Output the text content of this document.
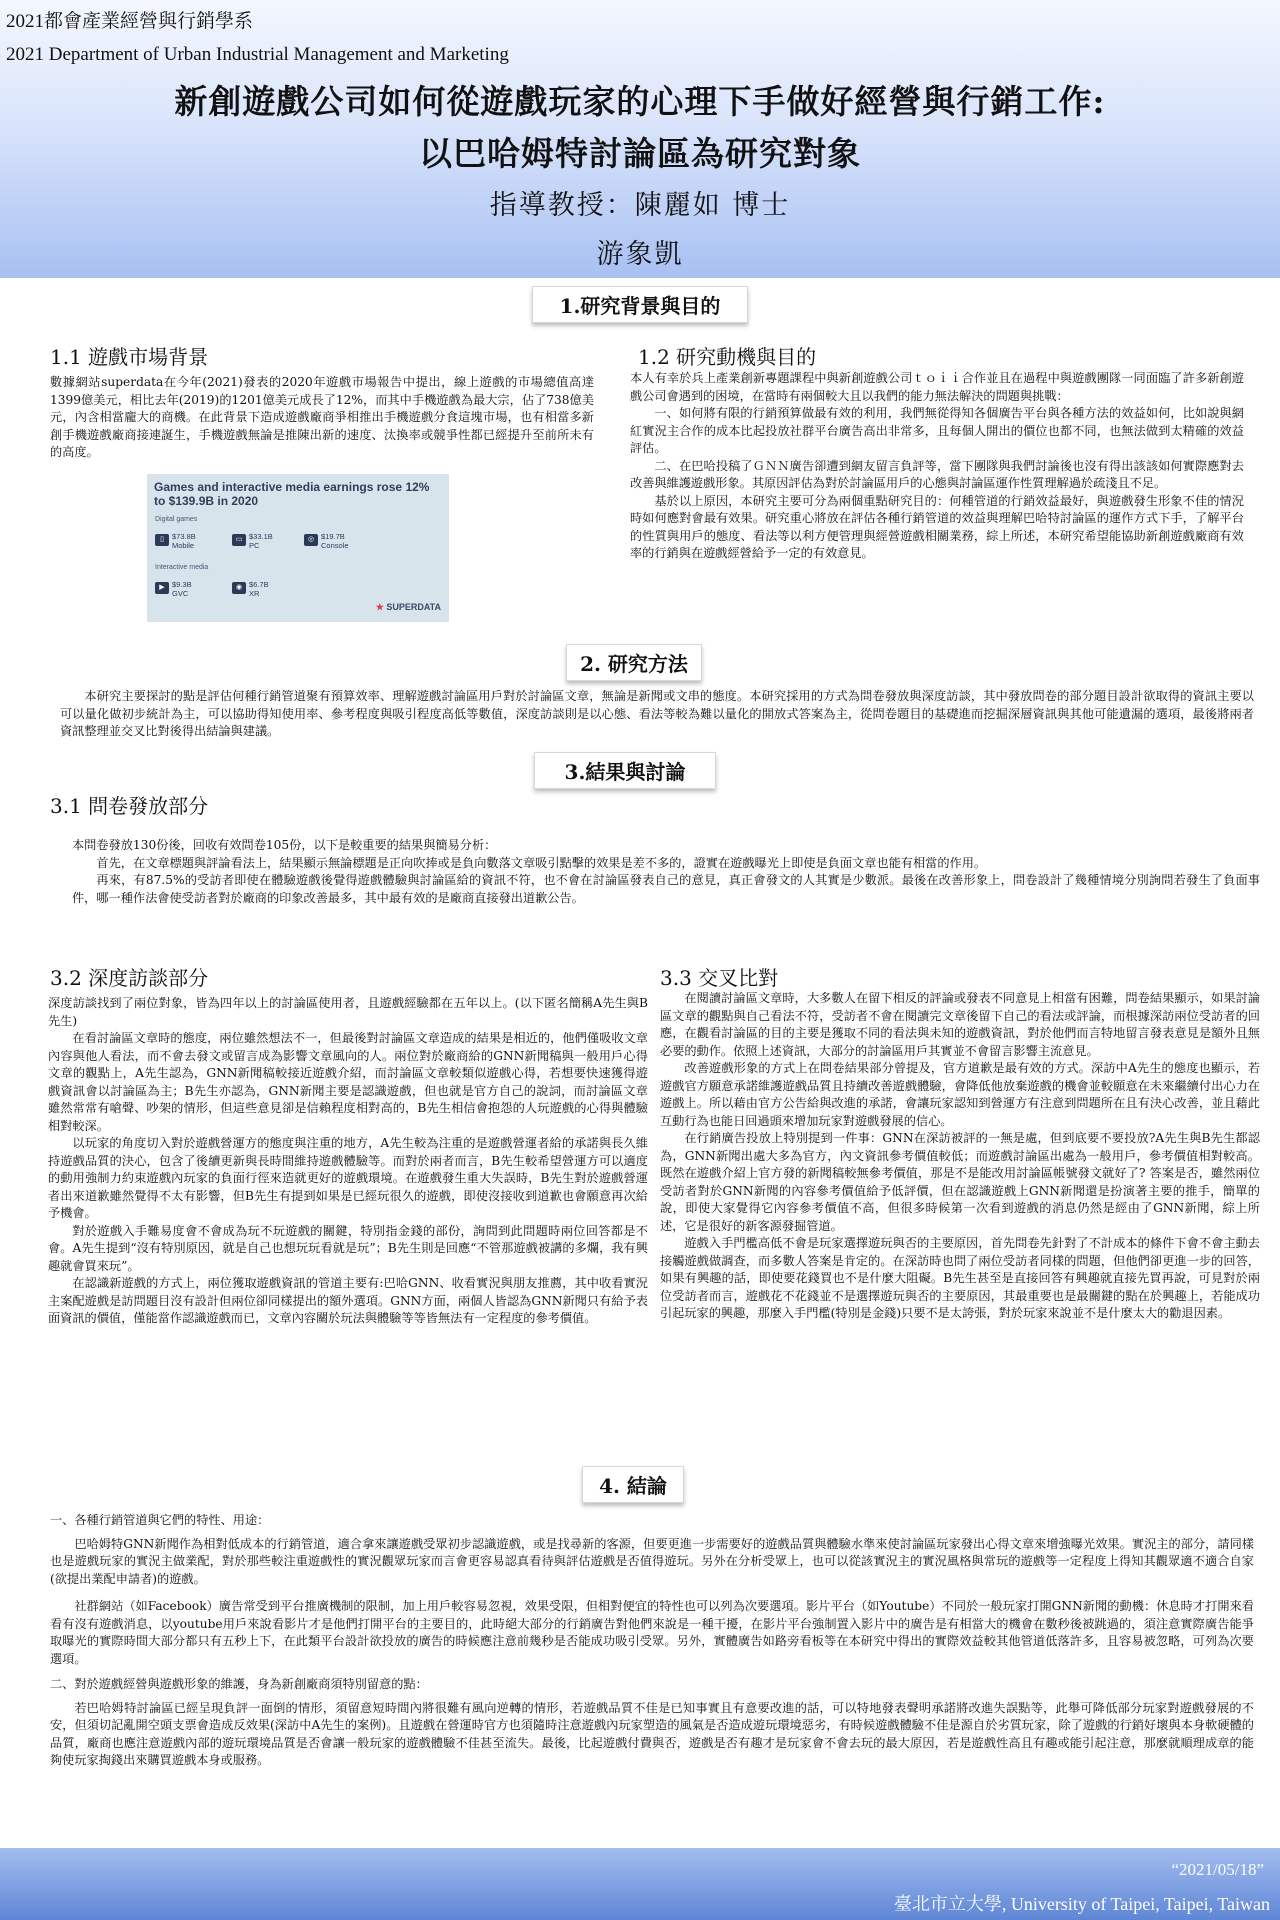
2021都會產業經營與行銷學系
2021 Department of Urban Industrial Management and Marketing
新創遊戲公司如何從遊戲玩家的心理下手做好經營與行銷工作:
以巴哈姆特討論區為研究對象
指導教授：陳麗如 博士
游象凱
1.研究背景與目的
1.1 遊戲市場背景

數據網站superdata在今年(2021)發表的2020年遊戲市場報告中提出，線上遊戲的市場總值高達1399億美元，相比去年(2019)的1201億美元成長了12%，而其中手機遊戲為最大宗，佔了738億美元，內含相當龐大的商機。在此背景下造成遊戲廠商爭相推出手機遊戲分食這塊市場，也有相當多新創手機遊戲廠商接連誕生，手機遊戲無論是推陳出新的速度、汰換率或競爭性都已經提升至前所未有的高度。

Games and interactive media earnings rose 12% to $139.9B in 2020
Digital games
Interactive media
▯	$73.8B
Mobile
▭ $33.1B
PC
◎ $19.7B
Console
▶ $9.3B
GVC
◉ $6.7B
XR
★ SUPERDATA
1.2 研究動機與目的

本人有幸於兵上產業創新專題課程中與新創遊戲公司ｔｏｉｉ合作並且在過程中與遊戲團隊一同面臨了許多新創遊戲公司會遇到的困境，在當時有兩個較大且以我們的能力無法解決的問題與挑戰：

一、如何將有限的行銷預算做最有效的利用，我們無從得知各個廣告平台與各種方法的效益如何，比如說與網紅實況主合作的成本比起投放社群平台廣告高出非常多，且每個人開出的價位也都不同，也無法做到太精確的效益評估。

二、在巴哈投稿了ＧＮＮ廣告卻遭到網友留言負評等，當下團隊與我們討論後也沒有得出該該如何實際應對去改善與維護遊戲形象。其原因評估為對於討論區用戶的心態與討論區運作性質理解過於疏淺且不足。

基於以上原因，本研究主要可分為兩個重點研究目的：何種管道的行銷效益最好，與遊戲發生形象不佳的情況時如何應對會最有效果。研究重心將放在評估各種行銷管道的效益與理解巴哈特討論區的運作方式下手，了解平台的性質與用戶的態度、看法等以利方便管理與經營遊戲相關業務，綜上所述，本研究希望能協助新創遊戲廠商有效率的行銷與在遊戲經營給予一定的有效意見。

2. 研究方法

本研究主要探討的點是評估何種行銷管道聚有預算效率、理解遊戲討論區用戶對於討論區文章，無論是新聞或文串的態度。本研究採用的方式為問卷發放與深度訪談，其中發放問卷的部分題目設計欲取得的資訊主要以可以量化做初步統計為主，可以協助得知使用率、參考程度與吸引程度高低等數值，深度訪談則是以心態、看法等較為難以量化的開放式答案為主，從問卷題目的基礎進而挖掘深層資訊與其他可能遺漏的選項，最後將兩者資訊整理並交叉比對後得出結論與建議。

3.結果與討論
3.1 問卷發放部分

本問卷發放130份後，回收有效問卷105份，以下是較重要的結果與簡易分析：

首先，在文章標題與評論看法上，結果顯示無論標題是正向吹捧或是負向數落文章吸引點擊的效果是差不多的，證實在遊戲曝光上即使是負面文章也能有相當的作用。

再來，有87.5%的受訪者即使在體驗遊戲後覺得遊戲體驗與討論區給的資訊不符，也不會在討論區發表自己的意見，真正會發文的人其實是少數派。最後在改善形象上，問卷設計了幾種情境分別詢問若發生了負面事件，哪一種作法會使受訪者對於廠商的印象改善最多，其中最有效的是廠商直接發出道歉公告。

3.2 深度訪談部分

深度訪談找到了兩位對象，皆為四年以上的討論區使用者，且遊戲經驗都在五年以上。(以下匿名簡稱A先生與B先生)

在看討論區文章時的態度，兩位雖然想法不一，但最後對討論區文章造成的結果是相近的，他們僅吸收文章內容與他人看法，而不會去發文或留言成為影響文章風向的人。兩位對於廠商給的GNN新聞稿與一般用戶心得文章的觀點上，A先生認為，GNN新聞稿較接近遊戲介紹，而討論區文章較類似遊戲心得，若想要快速獲得遊戲資訊會以討論區為主；B先生亦認為，GNN新聞主要是認識遊戲，但也就是官方自己的說詞，而討論區文章雖然常常有嗆聲、吵架的情形，但這些意見卻是信賴程度相對高的，B先生相信會抱怨的人玩遊戲的心得與體驗相對較深。

以玩家的角度切入對於遊戲營運方的態度與注重的地方，A先生較為注重的是遊戲營運者給的承諾與長久維持遊戲品質的決心，包含了後續更新與長時間維持遊戲體驗等。而對於兩者而言，B先生較希望營運方可以適度的動用強制力約束遊戲內玩家的負面行徑來造就更好的遊戲環境。在遊戲發生重大失誤時，B先生對於遊戲營運者出來道歉雖然覺得不太有影響，但B先生有提到如果是已經玩很久的遊戲，即使沒接收到道歉也會願意再次給予機會。

對於遊戲入手難易度會不會成為玩不玩遊戲的關鍵，特別指金錢的部份，詢問到此問題時兩位回答都是不會。A先生提到“沒有特別原因，就是自己也想玩玩看就是玩”；B先生則是回應“不管那遊戲被講的多爛，我有興趣就會買來玩”。

在認識新遊戲的方式上，兩位獲取遊戲資訊的管道主要有:巴哈GNN、收看實況與朋友推薦，其中收看實況主案配遊戲是訪問題目沒有設計但兩位卻同樣提出的額外選項。GNN方面，兩個人皆認為GNN新聞只有給予表面資訊的價值，僅能當作認識遊戲而已，文章內容關於玩法與體驗等等皆無法有一定程度的參考價值。

3.3 交叉比對

在閱讀討論區文章時，大多數人在留下相反的評論或發表不同意見上相當有困難，問卷結果顯示，如果討論區文章的觀點與自己看法不符，受訪者不會在閱讀完文章後留下自己的看法或評論，而根據深訪兩位受訪者的回應，在觀看討論區的目的主要是獲取不同的看法與未知的遊戲資訊，對於他們而言特地留言發表意見是額外且無必要的動作。依照上述資訊，大部分的討論區用戶其實並不會留言影響主流意見。

改善遊戲形象的方式上在問卷結果部分曾提及，官方道歉是最有效的方式。深訪中A先生的態度也顯示，若遊戲官方願意承諾維護遊戲品質且持續改善遊戲體驗，會降低他放棄遊戲的機會並較願意在未來繼續付出心力在遊戲上。所以藉由官方公告給與改進的承諾，會讓玩家認知到營運方有注意到問題所在且有決心改善，並且藉此互動行為也能日回過頭來增加玩家對遊戲發展的信心。

在行銷廣告投放上特別提到一件事：GNN在深訪被評的一無是處，但到底要不要投放?A先生與B先生都認為，GNN新聞出處大多為官方，內文資訊參考價值較低；而遊戲討論區出處為一般用戶，參考價值相對較高。既然在遊戲介紹上官方發的新聞稿較無參考價值，那是不是能改用討論區帳號發文就好了? 答案是否，雖然兩位受訪者對於GNN新聞的內容參考價值給予低評價，但在認識遊戲上GNN新聞還是扮演著主要的推手，簡單的說，即使大家覺得它內容參考價值不高，但很多時候第一次看到遊戲的消息仍然是經由了GNN新聞，綜上所述，它是很好的新客源發掘管道。

遊戲入手門檻高低不會是玩家選擇遊玩與否的主要原因，首先問卷先針對了不計成本的條件下會不會主動去接觸遊戲做調查，而多數人答案是肯定的。在深訪時也問了兩位受訪者同樣的問題，但他們卻更進一步的回答，如果有興趣的話，即使要花錢買也不是什麼大阻礙。B先生甚至是直接回答有興趣就直接先買再說，可見對於兩位受訪者而言，遊戲花不花錢並不是選擇遊玩與否的主要原因，其最重要也是最關鍵的點在於興趣上，若能成功引起玩家的興趣，那麼入手門檻(特別是金錢)只要不是太誇張，對於玩家來說並不是什麼太大的勸退因素。

4. 結論

一、各種行銷管道與它們的特性、用途：

巴哈姆特GNN新聞作為相對低成本的行銷管道，適合拿來讓遊戲受眾初步認識遊戲，或是找尋新的客源，但要更進一步需要好的遊戲品質與體驗水準來使討論區玩家發出心得文章來增強曝光效果。實況主的部分，請同樣也是遊戲玩家的實況主做業配，對於那些較注重遊戲性的實況觀眾玩家而言會更容易認真看待與評估遊戲是否值得遊玩。另外在分析受眾上，也可以從該實況主的實況風格與常玩的遊戲等一定程度上得知其觀眾適不適合自家(欲提出業配申請者)的遊戲。

社群網站（如Facebook）廣告常受到平台推廣機制的限制，加上用戶較容易忽視，效果受限，但相對便宜的特性也可以列為次要選項。影片平台（如Youtube）不同於一般玩家打開GNN新聞的動機：休息時才打開來看看有沒有遊戲消息，以youtube用戶來說看影片才是他們打開平台的主要目的，此時絕大部分的行銷廣告對他們來說是一種干擾，在影片平台強制置入影片中的廣告是有相當大的機會在數秒後被跳過的，須注意實際廣告能爭取曝光的實際時間大部分都只有五秒上下，在此類平台設計欲投放的廣告的時候應注意前幾秒是否能成功吸引受眾。另外，實體廣告如路旁看板等在本研究中得出的實際效益較其他管道低落許多，且容易被忽略，可列為次要選項。

二、對於遊戲經營與遊戲形象的維護，身為新創廠商須特別留意的點：

若巴哈姆特討論區已經呈現負評一面倒的情形，須留意短時間內將很難有風向逆轉的情形，若遊戲品質不佳是已知事實且有意要改進的話，可以特地發表聲明承諾將改進失誤點等，此舉可降低部分玩家對遊戲發展的不安，但須切記亂開空頭支票會造成反效果(深訪中A先生的案例)。且遊戲在營運時官方也須隨時注意遊戲內玩家塑造的風氣是否造成遊玩環境惡劣，有時候遊戲體驗不佳是源自於劣質玩家，除了遊戲的行銷好壞與本身軟硬體的品質，廠商也應注意遊戲內部的遊玩環境品質是否會讓一般玩家的遊戲體驗不佳甚至流失。最後，比起遊戲付費與否，遊戲是否有趣才是玩家會不會去玩的最大原因，若是遊戲性高且有趣或能引起注意，那麼就順理成章的能夠使玩家掏錢出來購買遊戲本身或服務。

“2021/05/18”
臺北市立大學, University of Taipei, Taipei, Taiwan
